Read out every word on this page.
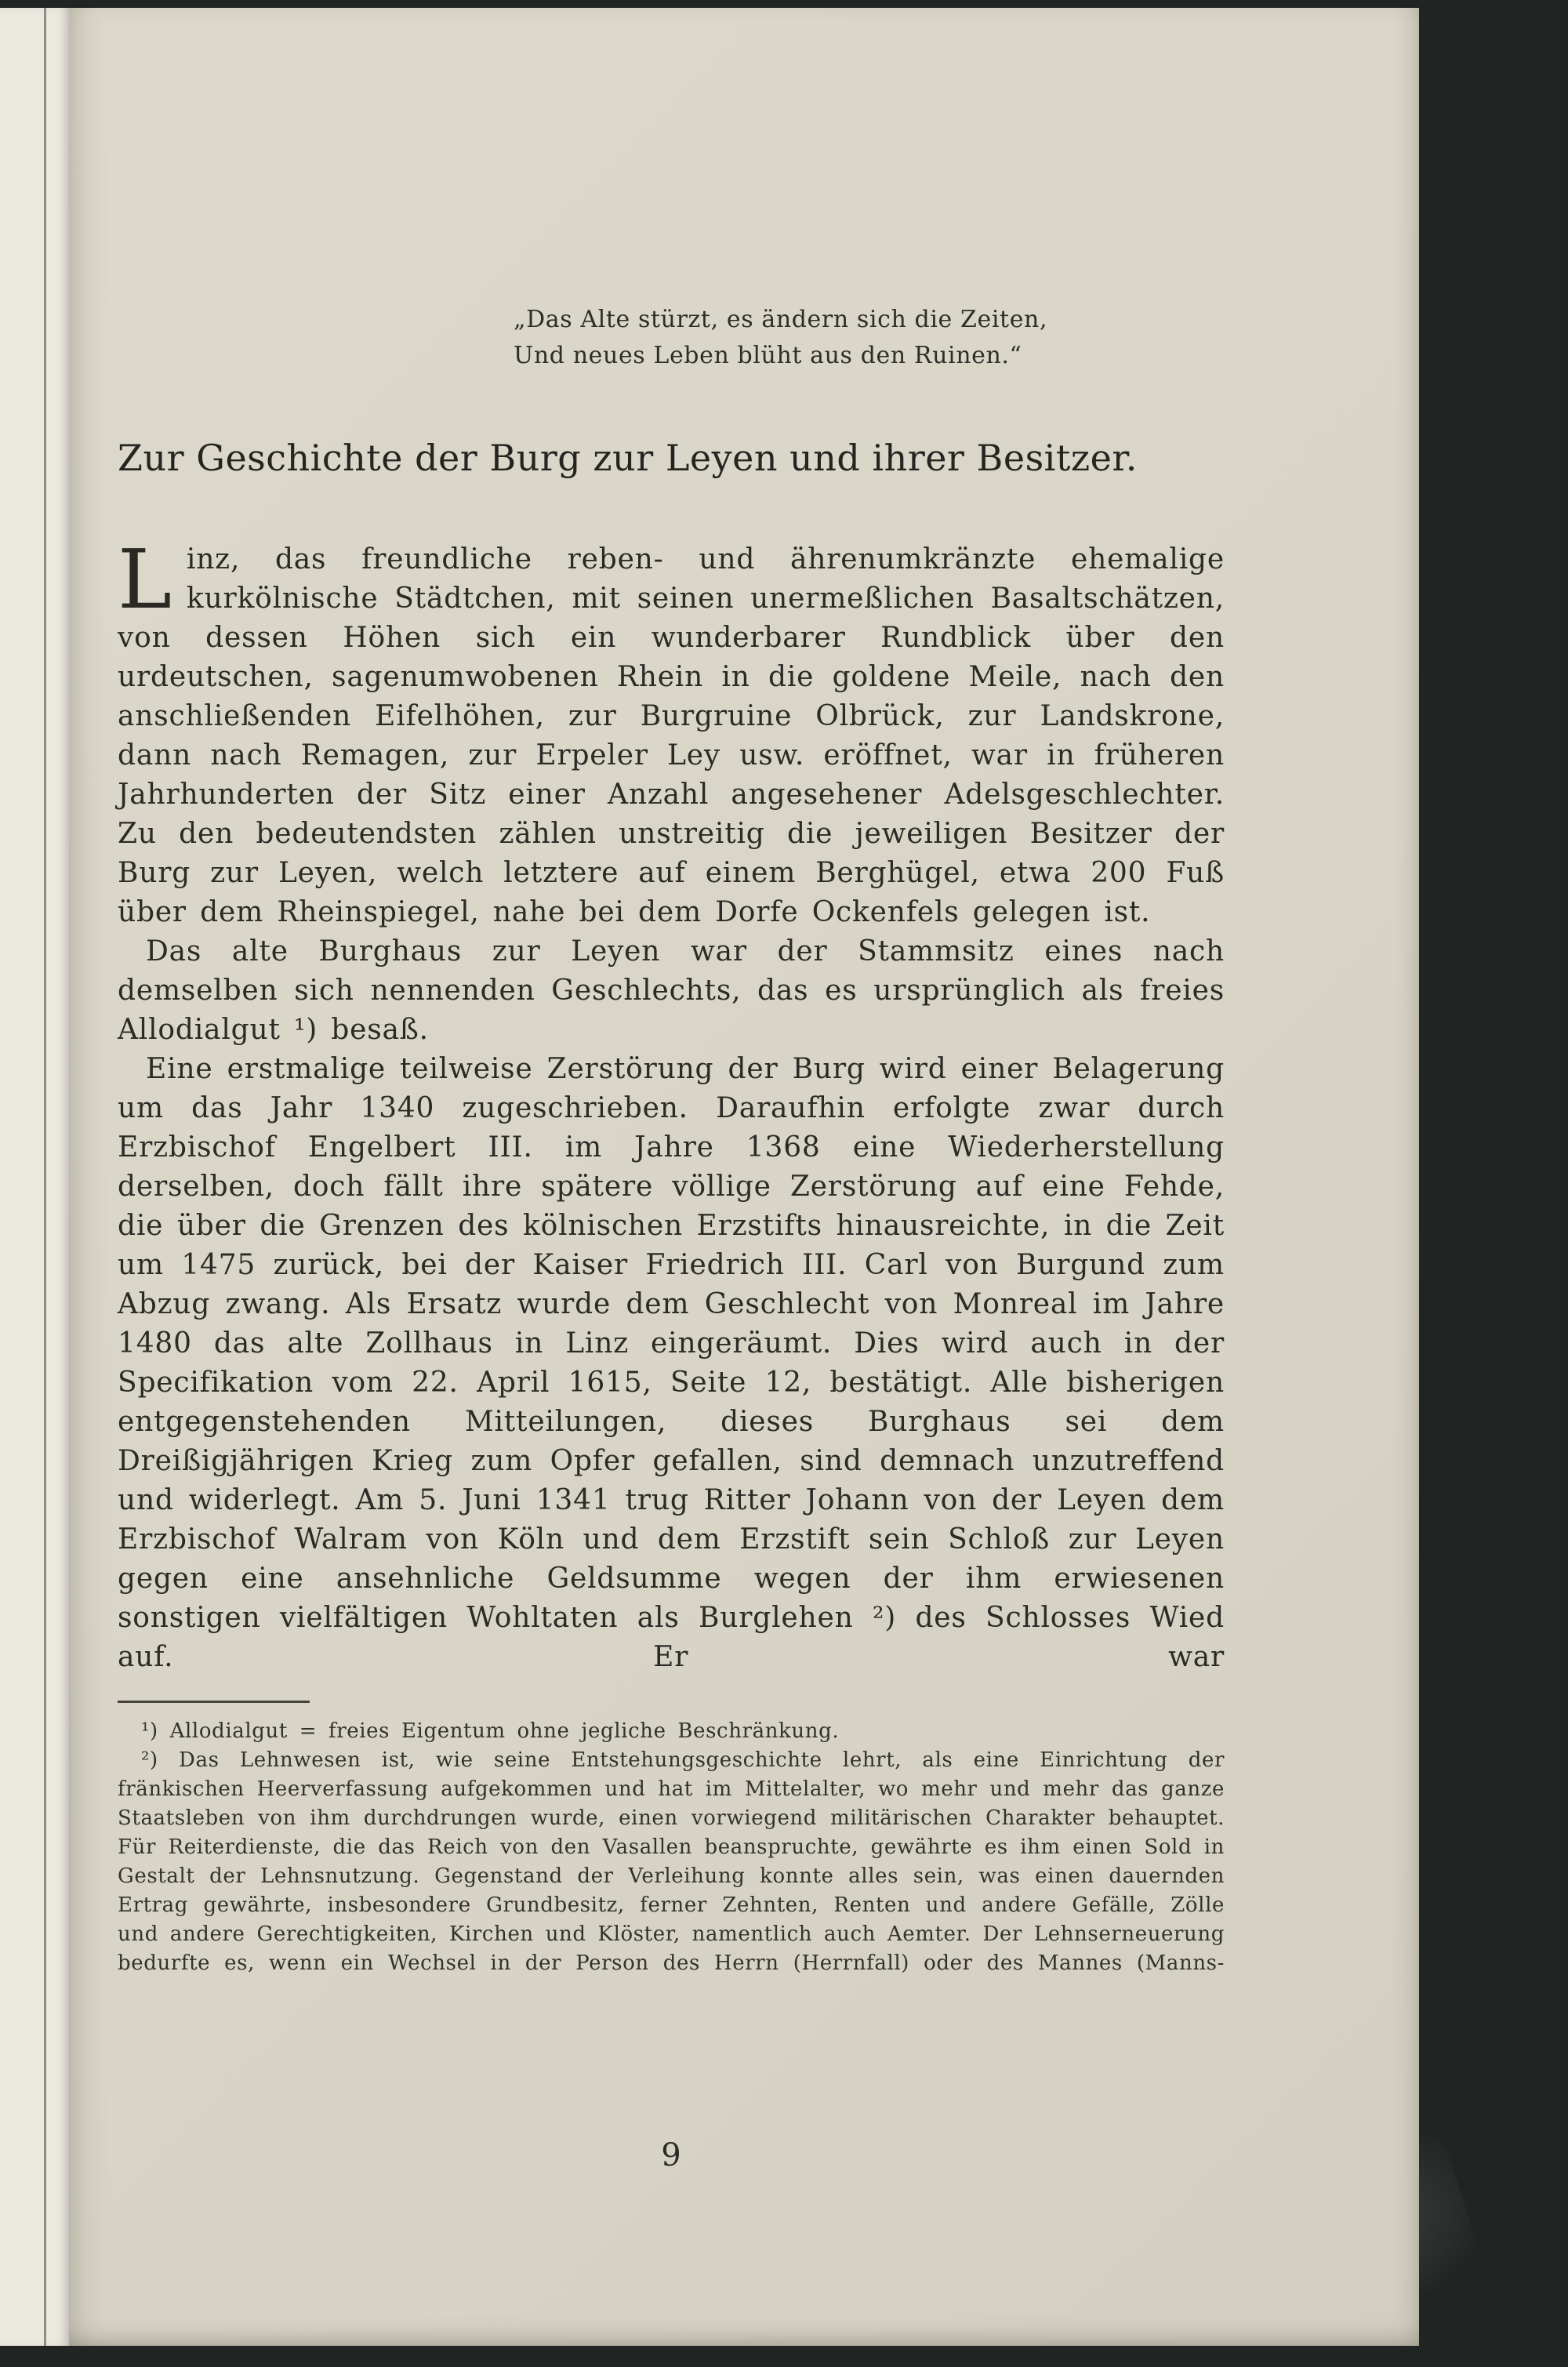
„Das Alte stürzt, es ändern sich die Zeiten,
Und neues Leben blüht aus den Ruinen.“
Zur Geschichte der Burg zur Leyen und ihrer Besitzer.

Linz, das freundliche reben- und ährenumkränzte ehemalige kurkölnische Städtchen, mit seinen unermeßlichen Basaltschätzen, von dessen Höhen sich ein wunderbarer Rundblick über den urdeutschen, sagenumwobenen Rhein in die goldene Meile, nach den anschließenden Eifelhöhen, zur Burgruine Olbrück, zur Landskrone, dann nach Remagen, zur Erpeler Ley usw. eröffnet, war in früheren Jahrhunderten der Sitz einer Anzahl angesehener Adelsgeschlechter. Zu den bedeutendsten zählen unstreitig die jeweiligen Besitzer der Burg zur Leyen, welch letztere auf einem Berghügel, etwa 200 Fuß über dem Rheinspiegel, nahe bei dem Dorfe Ockenfels gelegen ist.

Das alte Burghaus zur Leyen war der Stammsitz eines nach demselben sich nennenden Geschlechts, das es ursprünglich als freies Allodialgut ¹) besaß.

Eine erstmalige teilweise Zerstörung der Burg wird einer Belagerung um das Jahr 1340 zugeschrieben. Daraufhin erfolgte zwar durch Erzbischof Engelbert III. im Jahre 1368 eine Wiederherstellung derselben, doch fällt ihre spätere völlige Zerstörung auf eine Fehde, die über die Grenzen des kölnischen Erzstifts hinausreichte, in die Zeit um 1475 zurück, bei der Kaiser Friedrich III. Carl von Burgund zum Abzug zwang. Als Ersatz wurde dem Geschlecht von Monreal im Jahre 1480 das alte Zollhaus in Linz eingeräumt. Dies wird auch in der Specifikation vom 22. April 1615, Seite 12, bestätigt. Alle bisherigen entgegenstehenden Mitteilungen, dieses Burghaus sei dem Dreißigjährigen Krieg zum Opfer gefallen, sind demnach unzutreffend und widerlegt. Am 5. Juni 1341 trug Ritter Johann von der Leyen dem Erzbischof Walram von Köln und dem Erzstift sein Schloß zur Leyen gegen eine ansehnliche Geldsumme wegen der ihm erwiesenen sonstigen vielfältigen Wohltaten als Burglehen ²) des Schlosses Wied auf. Er war

¹) Allodialgut = freies Eigentum ohne jegliche Beschränkung.

²) Das Lehnwesen ist, wie seine Entstehungsgeschichte lehrt, als eine Einrichtung der fränkischen Heerverfassung aufgekommen und hat im Mittelalter, wo mehr und mehr das ganze Staatsleben von ihm durchdrungen wurde, einen vorwiegend militärischen Charakter behauptet. Für Reiterdienste, die das Reich von den Vasallen beanspruchte, gewährte es ihm einen Sold in Gestalt der Lehnsnutzung. Gegenstand der Verleihung konnte alles sein, was einen dauernden Ertrag gewährte, insbesondere Grundbesitz, ferner Zehnten, Renten und andere Gefälle, Zölle und andere Gerechtigkeiten, Kirchen und Klöster, namentlich auch Aemter. Der Lehnserneuerung bedurfte es, wenn ein Wechsel in der Person des Herrn (Herrnfall) oder des Mannes (Manns-

9
